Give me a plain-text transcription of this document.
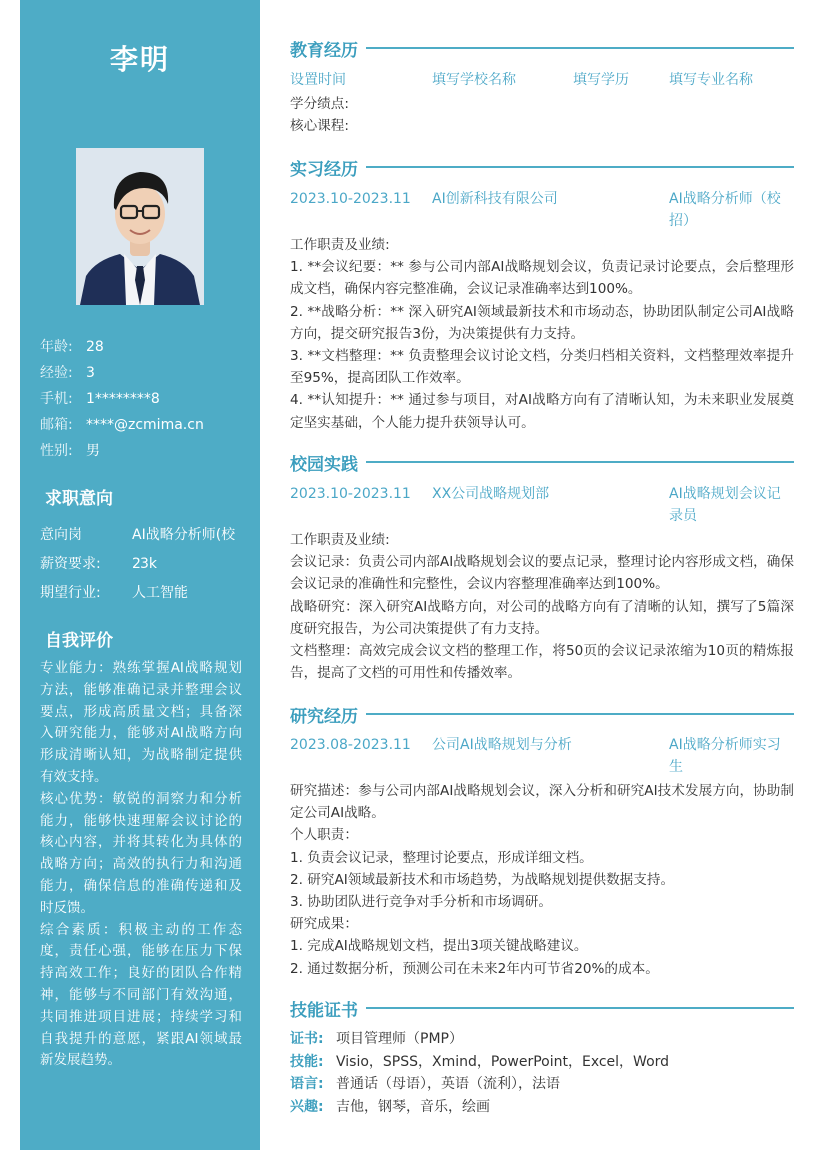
李明
年龄: 28
经验: 3
手机: 1********8
邮箱: ****@zcmima.cn
性别: 男
求职意向
意向岗	AI战略分析师(校
薪资要求: 2 3k
期望行业: 人工智能
自我评价

专业能力：熟练掌握AI战略规划方法，能够准确记录并整理会议要点，形成高质量文档；具备深入研究能力，能够对AI战略方向形成清晰认知，为战略制定提供有效支持。

核心优势：敏锐的洞察力和分析能力，能够快速理解会议讨论的核心内容，并将其转化为具体的战略方向；高效的执行力和沟通能力，确保信息的准确传递和及时反馈。

综合素质：积极主动的工作态度，责任心强，能够在压力下保持高效工作；良好的团队合作精神，能够与不同部门有效沟通，共同推进项目进展；持续学习和自我提升的意愿，紧跟AI领域最新发展趋势。

教育经历
设置时间	填写学校名称	填写学历	填写专业名称

学分绩点:

核心课程:

实习经历
2023.10-2023.11 AI创新科技有限公司	AI战略分析师（校
招）

工作职责及业绩:

1. **会议纪要：** 参与公司内部AI战略规划会议，负责记录讨论要点，会后整理形成文档，确保内容完整准确，会议记录准确率达到100%。

2. **战略分析：** 深入研究AI领域最新技术和市场动态，协助团队制定公司AI战略方向，提交研究报告3份，为决策提供有力支持。

3. **文档整理：** 负责整理会议讨论文档，分类归档相关资料，文档整理效率提升至95%，提高团队工作效率。

4. **认知提升：** 通过参与项目，对AI战略方向有了清晰认知，为未来职业发展奠定坚实基础，个人能力提升获领导认可。

校园实践
2023.10-2023.11 XX公司战略规划部	AI战略规划会议记
录员

工作职责及业绩:

会议记录：负责公司内部AI战略规划会议的要点记录，整理讨论内容形成文档，确保会议记录的准确性和完整性，会议内容整理准确率达到100%。

战略研究：深入研究AI战略方向，对公司的战略方向有了清晰的认知，撰写了5篇深度研究报告，为公司决策提供了有力支持。

文档整理：高效完成会议文档的整理工作，将50页的会议记录浓缩为10页的精炼报告，提高了文档的可用性和传播效率。

研究经历
2023.08-2023.11 公司AI战略规划与分析	AI战略分析师实习
生

研究描述：参与公司内部AI战略规划会议，深入分析和研究AI技术发展方向，协助制定公司AI战略。

个人职责：

1. 负责会议记录，整理讨论要点，形成详细文档。

2. 研究AI领域最新技术和市场趋势，为战略规划提供数据支持。

3. 协助团队进行竞争对手分析和市场调研。

研究成果：

1. 完成AI战略规划文档，提出3项关键战略建议。

2. 通过数据分析，预测公司在未来2年内可节省20%的成本。

技能证书
证书: 项目管理师（PMP）
技能: Visio，SPSS，Xmind，PowerPoint，Excel，Word
语言: 普通话（母语），英语（流利），法语
兴趣: 吉他，钢琴，音乐，绘画
